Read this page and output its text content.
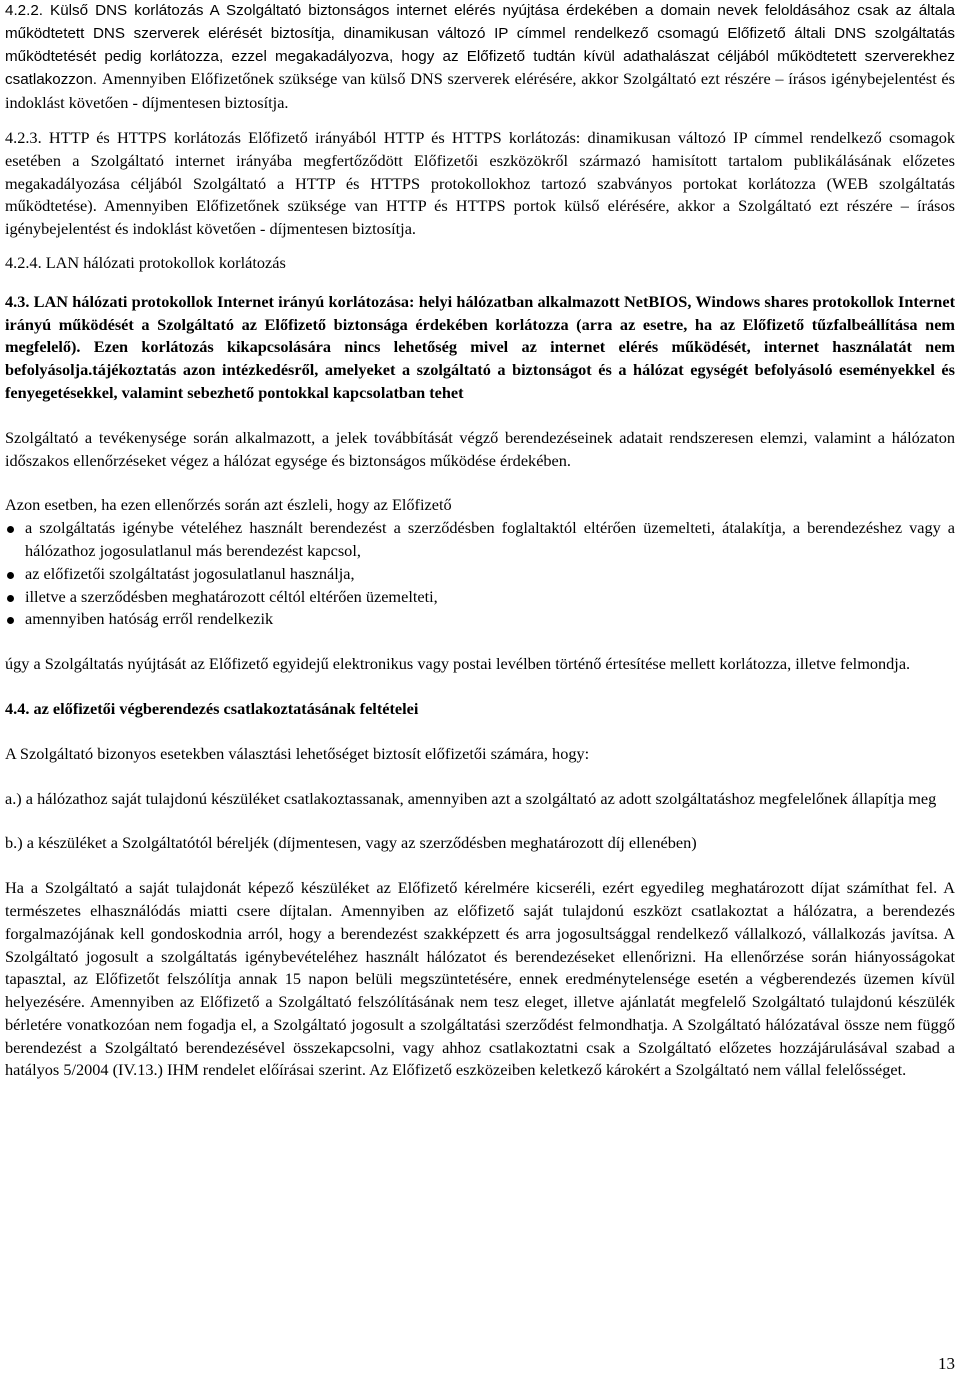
4.2.2. Külső DNS korlátozás A Szolgáltató biztonságos internet elérés nyújtása érdekében a domain nevek feloldásához csak az általa működtetett DNS szerverek elérését biztosítja, dinamikusan változó IP címmel rendelkező csomagú Előfizető általi DNS szolgáltatás működtetését pedig korlátozza, ezzel megakadályozva, hogy az Előfizető tudtán kívül adathalászat céljából működtetett szerverekhez csatlakozzon. Amennyiben Előfizetőnek szüksége van külső DNS szerverek elérésére, akkor Szolgáltató ezt részére – írásos igénybejelentést és indoklást követően - díjmentesen biztosítja.

4.2.3. HTTP és HTTPS korlátozás Előfizető irányából HTTP és HTTPS korlátozás: dinamikusan változó IP címmel rendelkező csomagok esetében a Szolgáltató internet irányába megfertőződött Előfizetői eszközökről származó hamisított tartalom publikálásának előzetes megakadályozása céljából Szolgáltató a HTTP és HTTPS protokollokhoz tartozó szabványos portokat korlátozza (WEB szolgáltatás működtetése). Amennyiben Előfizetőnek szüksége van HTTP és HTTPS portok külső elérésére, akkor a Szolgáltató ezt részére – írásos igénybejelentést és indoklást követően - díjmentesen biztosítja.

4.2.4. LAN hálózati protokollok korlátozás

4.3. LAN hálózati protokollok Internet irányú korlátozása: helyi hálózatban alkalmazott NetBIOS, Windows shares protokollok Internet irányú működését a Szolgáltató az Előfizető biztonsága érdekében korlátozza (arra az esetre, ha az Előfizető tűzfalbeállítása nem megfelelő). Ezen korlátozás kikapcsolására nincs lehetőség mivel az internet elérés működését, internet használatát nem befolyásolja.tájékoztatás azon intézkedésről, amelyeket a szolgáltató a biztonságot és a hálózat egységét befolyásoló eseményekkel és fenyegetésekkel, valamint sebezhető pontokkal kapcsolatban tehet

Szolgáltató a tevékenysége során alkalmazott, a jelek továbbítását végző berendezéseinek adatait rendszeresen elemzi, valamint a hálózaton időszakos ellenőrzéseket végez a hálózat egysége és biztonságos működése érdekében.

Azon esetben, ha ezen ellenőrzés során azt észleli, hogy az Előfizető

a szolgáltatás igénybe vételéhez használt berendezést a szerződésben foglaltaktól eltérően üzemelteti, átalakítja, a berendezéshez vagy a hálózathoz jogosulatlanul más berendezést kapcsol,
az előfizetői szolgáltatást jogosulatlanul használja,
illetve a szerződésben meghatározott céltól eltérően üzemelteti,
amennyiben hatóság erről rendelkezik

úgy a Szolgáltatás nyújtását az Előfizető egyidejű elektronikus vagy postai levélben történő értesítése mellett korlátozza, illetve felmondja.

4.4. az előfizetői végberendezés csatlakoztatásának feltételei

A Szolgáltató bizonyos esetekben választási lehetőséget biztosít előfizetői számára, hogy:

a.) a hálózathoz saját tulajdonú készüléket csatlakoztassanak, amennyiben azt a szolgáltató az adott szolgáltatáshoz megfelelőnek állapítja meg

b.) a készüléket a Szolgáltatótól béreljék (díjmentesen, vagy az szerződésben meghatározott díj ellenében)

Ha a Szolgáltató a saját tulajdonát képező készüléket az Előfizető kérelmére kicseréli, ezért egyedileg meghatározott díjat számíthat fel. A természetes elhasználódás miatti csere díjtalan. Amennyiben az előfizető saját tulajdonú eszközt csatlakoztat a hálózatra, a berendezés forgalmazójának kell gondoskodnia arról, hogy a berendezést szakképzett és arra jogosultsággal rendelkező vállalkozó, vállalkozás javítsa. A Szolgáltató jogosult a szolgáltatás igénybevételéhez használt hálózatot és berendezéseket ellenőrizni. Ha ellenőrzése során hiányosságokat tapasztal, az Előfizetőt felszólítja annak 15 napon belüli megszüntetésére, ennek eredménytelensége esetén a végberendezés üzemen kívül helyezésére. Amennyiben az Előfizető a Szolgáltató felszólításának nem tesz eleget, illetve ajánlatát megfelelő Szolgáltató tulajdonú készülék bérletére vonatkozóan nem fogadja el, a Szolgáltató jogosult a szolgáltatási szerződést felmondhatja. A Szolgáltató hálózatával össze nem függő berendezést a Szolgáltató berendezésével összekapcsolni, vagy ahhoz csatlakoztatni csak a Szolgáltató előzetes hozzájárulásával szabad a hatályos 5/2004 (IV.13.) IHM rendelet előírásai szerint. Az Előfizető eszközeiben keletkező károkért a Szolgáltató nem vállal felelősséget.

13
